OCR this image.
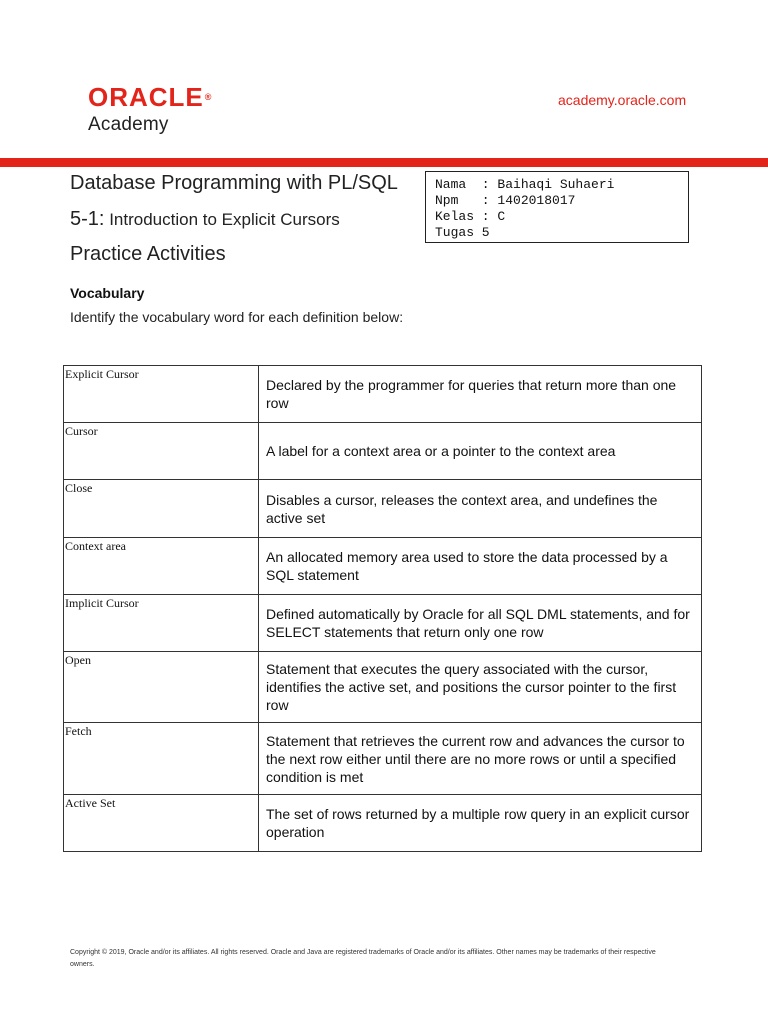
ORACLE®
Academy
academy.oracle.com
Database Programming with PL/SQL
5-1: Introduction to Explicit Cursors
Practice Activities
Nama  : Baihaqi Suhaeri
Npm   : 1402018017
Kelas : C
Tugas 5
Vocabulary
Identify the vocabulary word for each definition below:
Explicit Cursor	Declared by the programmer for queries that return more than one row
Cursor	A label for a context area or a pointer to the context area
Close	Disables a cursor, releases the context area, and undefines the active set
Context area	An allocated memory area used to store the data processed by a SQL statement
Implicit Cursor	Defined automatically by Oracle for all SQL DML statements, and for SELECT statements that return only one row
Open	Statement that executes the query associated with the cursor, identifies the active set, and positions the cursor pointer to the first row
Fetch	Statement that retrieves the current row and advances the cursor to the next row either until there are no more rows or until a specified condition is met
Active Set	The set of rows returned by a multiple row query in an explicit cursor operation
Copyright © 2019, Oracle and/or its affiliates. All rights reserved. Oracle and Java are registered trademarks of Oracle and/or its affiliates. Other names may be trademarks of their respective owners.
